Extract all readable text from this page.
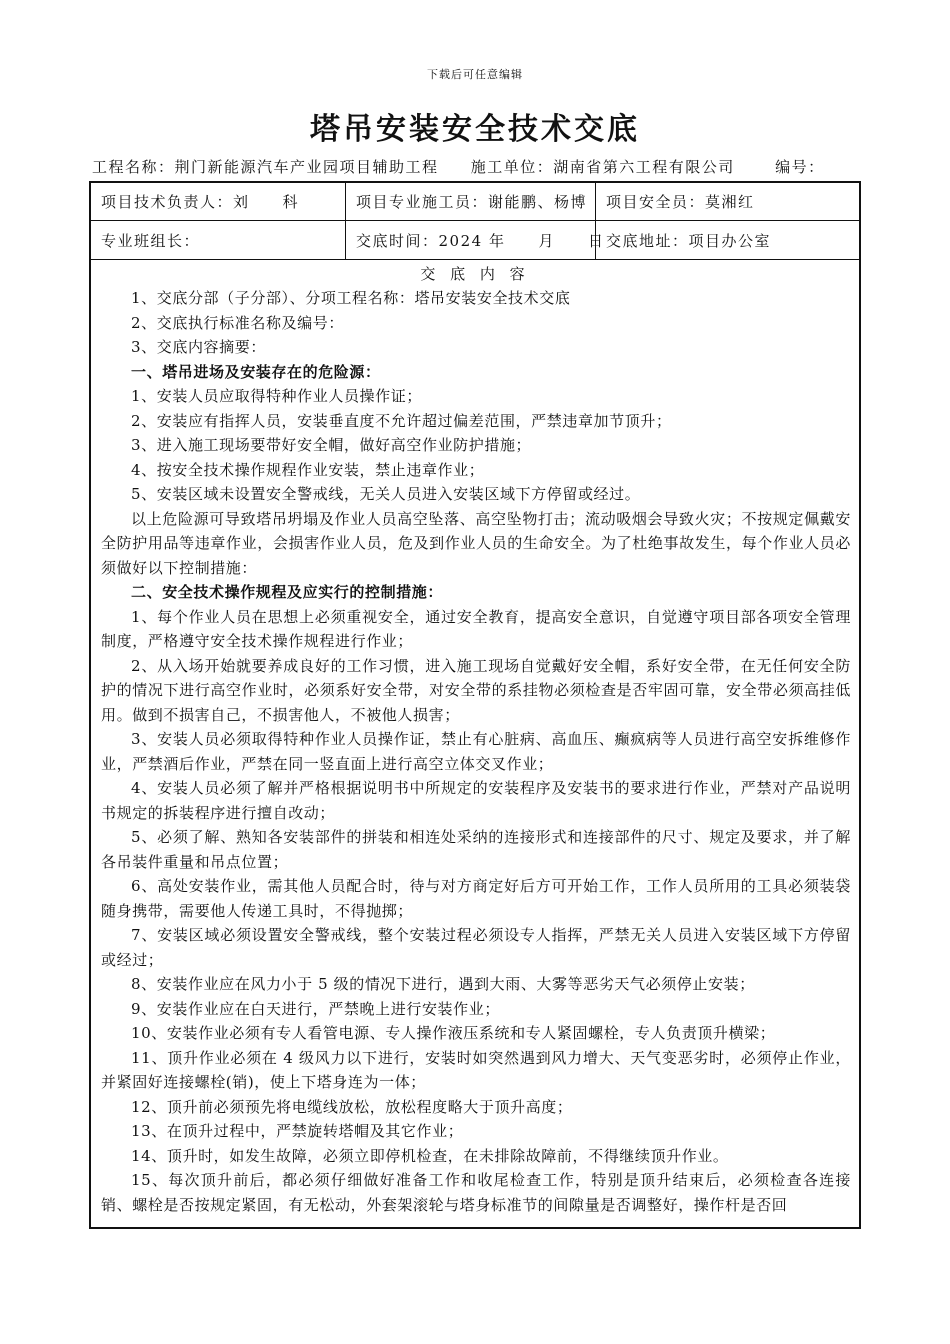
下载后可任意编辑
塔吊安装安全技术交底
工程名称：荆门新能源汽车产业园项目辅助工程 施工单位：湖南省第六工程有限公司	编号：
项目技术负责人：刘　　科	项目专业施工员：谢能鹏、杨博	项目安全员：莫湘红
专业班组长：	交底时间：2024 年　　月　　日 交底地址：项目办公室
交 底 内 容

1、交底分部（子分部）、分项工程名称：塔吊安装安全技术交底

2、交底执行标准名称及编号：

3、交底内容摘要：

一、塔吊进场及安装存在的危险源：

1、安装人员应取得特种作业人员操作证；

2、安装应有指挥人员，安装垂直度不允许超过偏差范围，严禁违章加节顶升；

3、进入施工现场要带好安全帽，做好高空作业防护措施；

4、按安全技术操作规程作业安装，禁止违章作业；

5、安装区域未设置安全警戒线，无关人员进入安装区域下方停留或经过。

以上危险源可导致塔吊坍塌及作业人员高空坠落、高空坠物打击；流动吸烟会导致火灾；不按规定佩戴安全防护用品等违章作业，会损害作业人员，危及到作业人员的生命安全。为了杜绝事故发生，每个作业人员必须做好以下控制措施：

二、安全技术操作规程及应实行的控制措施：

1、每个作业人员在思想上必须重视安全，通过安全教育，提高安全意识，自觉遵守项目部各项安全管理制度，严格遵守安全技术操作规程进行作业；

2、从入场开始就要养成良好的工作习惯，进入施工现场自觉戴好安全帽，系好安全带，在无任何安全防护的情况下进行高空作业时，必须系好安全带，对安全带的系挂物必须检查是否牢固可靠，安全带必须高挂低用。做到不损害自己，不损害他人，不被他人损害；

3、安装人员必须取得特种作业人员操作证，禁止有心脏病、高血压、癫疯病等人员进行高空安拆维修作业，严禁酒后作业，严禁在同一竖直面上进行高空立体交叉作业；

4、安装人员必须了解并严格根据说明书中所规定的安装程序及安装书的要求进行作业，严禁对产品说明书规定的拆装程序进行擅自改动；

5、必须了解、熟知各安装部件的拼装和相连处采纳的连接形式和连接部件的尺寸、规定及要求，并了解各吊装件重量和吊点位置；

6、高处安装作业，需其他人员配合时，待与对方商定好后方可开始工作，工作人员所用的工具必须装袋随身携带，需要他人传递工具时，不得抛掷；

7、安装区域必须设置安全警戒线，整个安装过程必须设专人指挥，严禁无关人员进入安装区域下方停留或经过；

8、安装作业应在风力小于 5 级的情况下进行，遇到大雨、大雾等恶劣天气必须停止安装；

9、安装作业应在白天进行，严禁晚上进行安装作业；

10、安装作业必须有专人看管电源、专人操作液压系统和专人紧固螺栓，专人负责顶升横梁；

11、顶升作业必须在 4 级风力以下进行，安装时如突然遇到风力增大、天气变恶劣时，必须停止作业，并紧固好连接螺栓(销)，使上下塔身连为一体；

12、顶升前必须预先将电缆线放松，放松程度略大于顶升高度；

13、在顶升过程中，严禁旋转塔帽及其它作业；

14、顶升时，如发生故障，必须立即停机检查，在未排除故障前，不得继续顶升作业。

15、每次顶升前后，都必须仔细做好准备工作和收尾检查工作，特别是顶升结束后，必须检查各连接销、螺栓是否按规定紧固，有无松动，外套架滚轮与塔身标准节的间隙量是否调整好，操作杆是否回
